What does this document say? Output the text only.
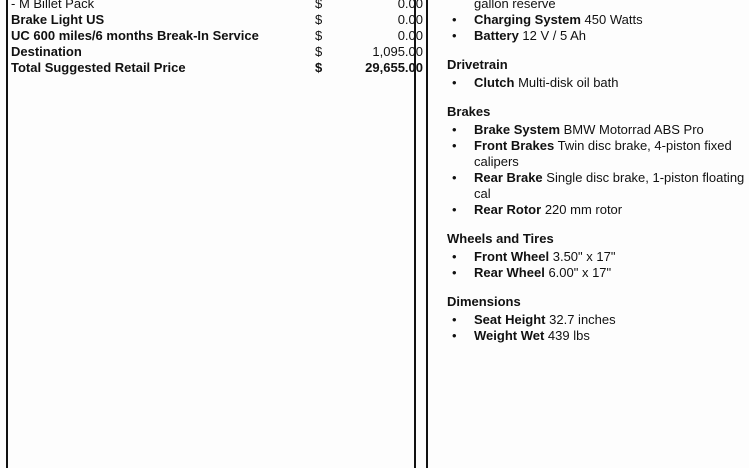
- M Billet Pack	$	0.00
Brake Light US	$	0.00
UC 600 miles/6 months Break-In Service	$	0.00
Destination	$	1,095.00
Total Suggested Retail Price	$	29,655.00
gallon reserve
• Charging System 450 Watts
• Battery 12 V / 5 Ah
Drivetrain
• Clutch Multi-disk oil bath
Brakes
• Brake System BMW Motorrad ABS Pro
• Front Brakes Twin disc brake, 4-piston fixed calipers
• Rear Brake Single disc brake, 1-piston floating cal
• Rear Rotor 220 mm rotor
Wheels and Tires
• Front Wheel 3.50" x 17"
• Rear Wheel 6.00" x 17"
Dimensions
• Seat Height 32.7 inches
• Weight Wet 439 lbs
